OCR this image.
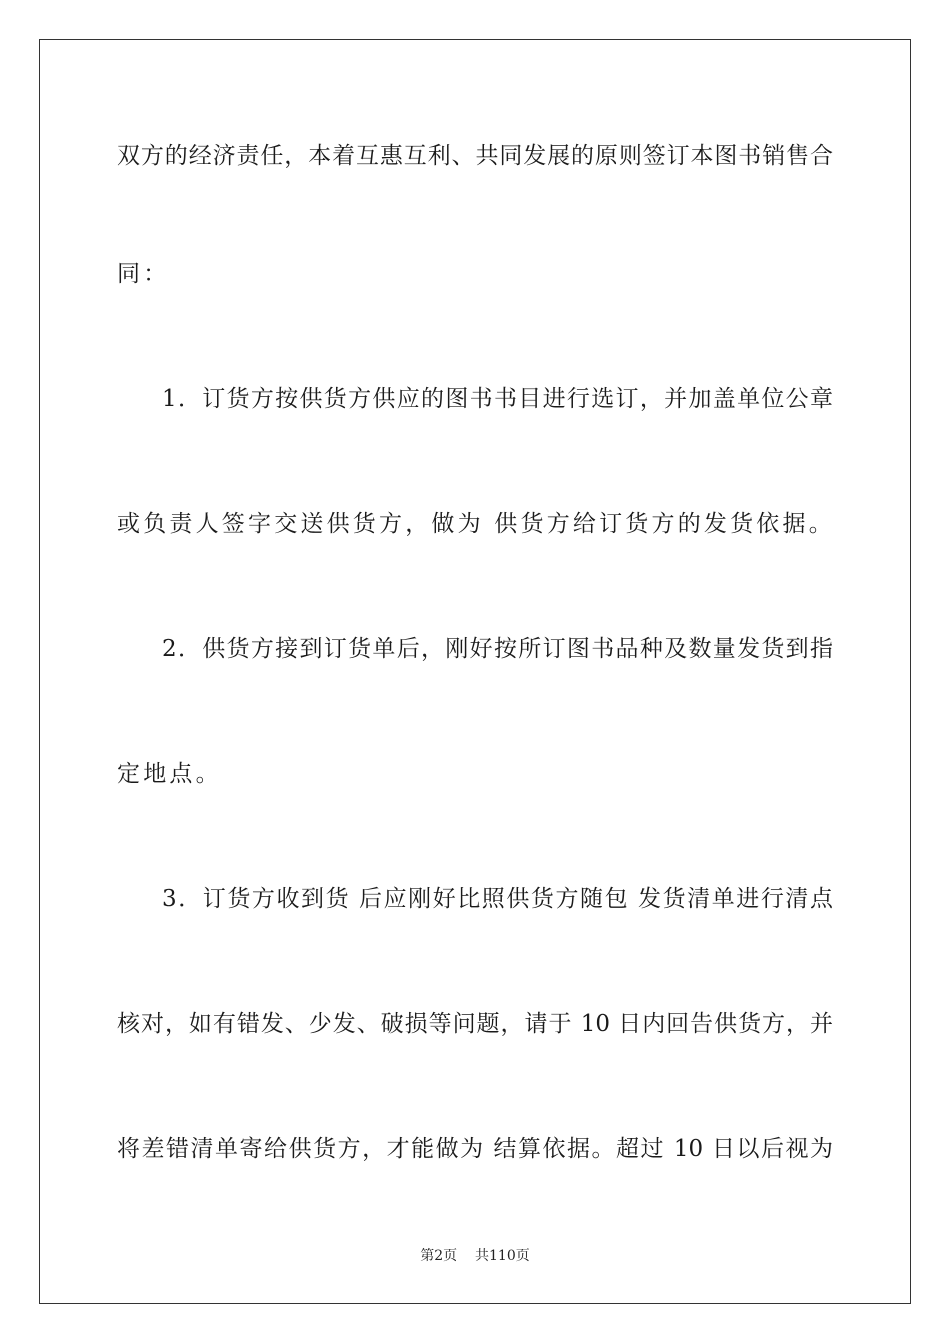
双方的经济责任，本着互惠互利、共同发展的原则签订本图书销售合
同：
1．订货方按供货方供应的图书书目进行选订，并加盖单位公章
或负责人签字交送供货方，做为 供货方给订货方的发货依据。
2．供货方接到订货单后，刚好按所订图书品种及数量发货到指
定地点。
3．订货方收到货 后应刚好比照供货方随包 发货清单进行清点
核对，如有错发、少发、破损等问题，请于 10 日内回告供货方，并
将差错清单寄给供货方，才能做为 结算依据。超过 10 日以后视为
第2页 共110页
